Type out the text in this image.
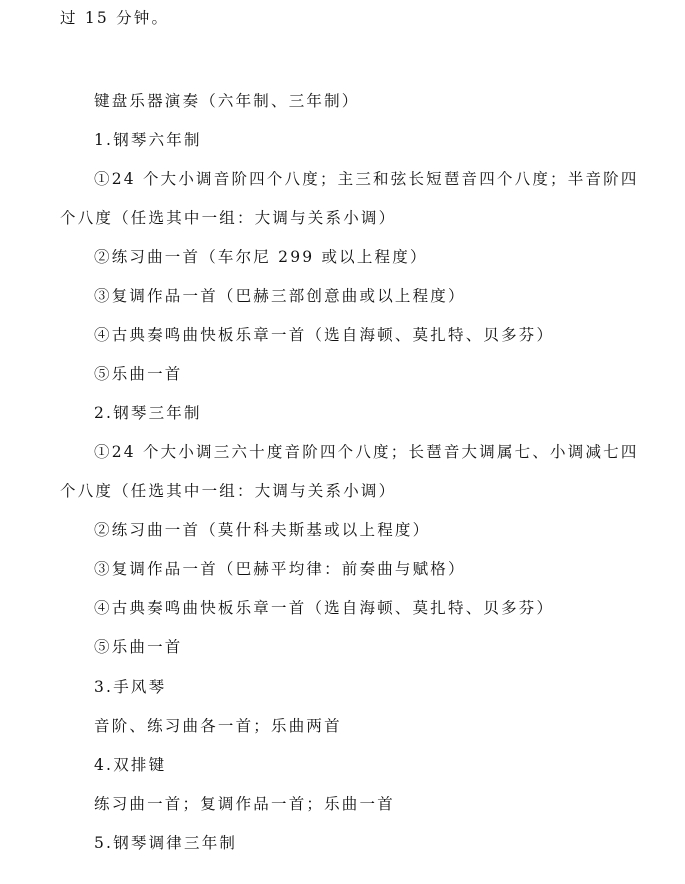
过 15 分钟。
键盘乐器演奏（六年制、三年制）
1.钢琴六年制
①24 个大小调音阶四个八度；主三和弦长短琶音四个八度；半音阶四
个八度（任选其中一组：大调与关系小调）
②练习曲一首（车尔尼 299 或以上程度）
③复调作品一首（巴赫三部创意曲或以上程度）
④古典奏鸣曲快板乐章一首（选自海顿、莫扎特、贝多芬）
⑤乐曲一首
2.钢琴三年制
①24 个大小调三六十度音阶四个八度；长琶音大调属七、小调减七四
个八度（任选其中一组：大调与关系小调）
②练习曲一首（莫什科夫斯基或以上程度）
③复调作品一首（巴赫平均律：前奏曲与赋格）
④古典奏鸣曲快板乐章一首（选自海顿、莫扎特、贝多芬）
⑤乐曲一首
3.手风琴
音阶、练习曲各一首；乐曲两首
4.双排键
练习曲一首；复调作品一首；乐曲一首
5.钢琴调律三年制
